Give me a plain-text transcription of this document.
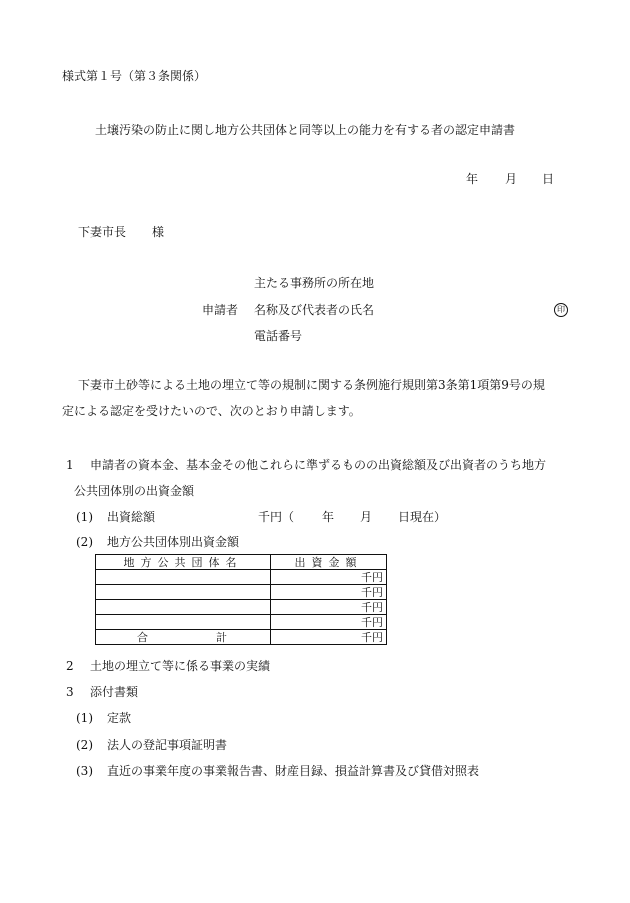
様式第１号（第３条関係）
土壌汚染の防止に関し地方公共団体と同等以上の能力を有する者の認定申請書
年 月 日
下妻市長 様
主たる事務所の所在地
申請者 名称及び代表者の氏名	印
電話番号
下妻市土砂等による土地の埋立て等の規制に関する条例施行規則第3条第1項第9号の規
定による認定を受けたいので、次のとおり申請します。
1 申請者の資本金、基本金その他これらに準ずるものの出資総額及び出資者のうち地方
公共団体別の出資金額
(1) 出資総額	千円（ 年 月 日現在）
(2) 地方公共団体別出資金額
地方公共団体名	出資金額
	千円
	千円
	千円
	千円

合 計	千円
2 土地の埋立て等に係る事業の実績
3 添付書類
(1) 定款
(2) 法人の登記事項証明書
(3) 直近の事業年度の事業報告書、財産目録、損益計算書及び貸借対照表
